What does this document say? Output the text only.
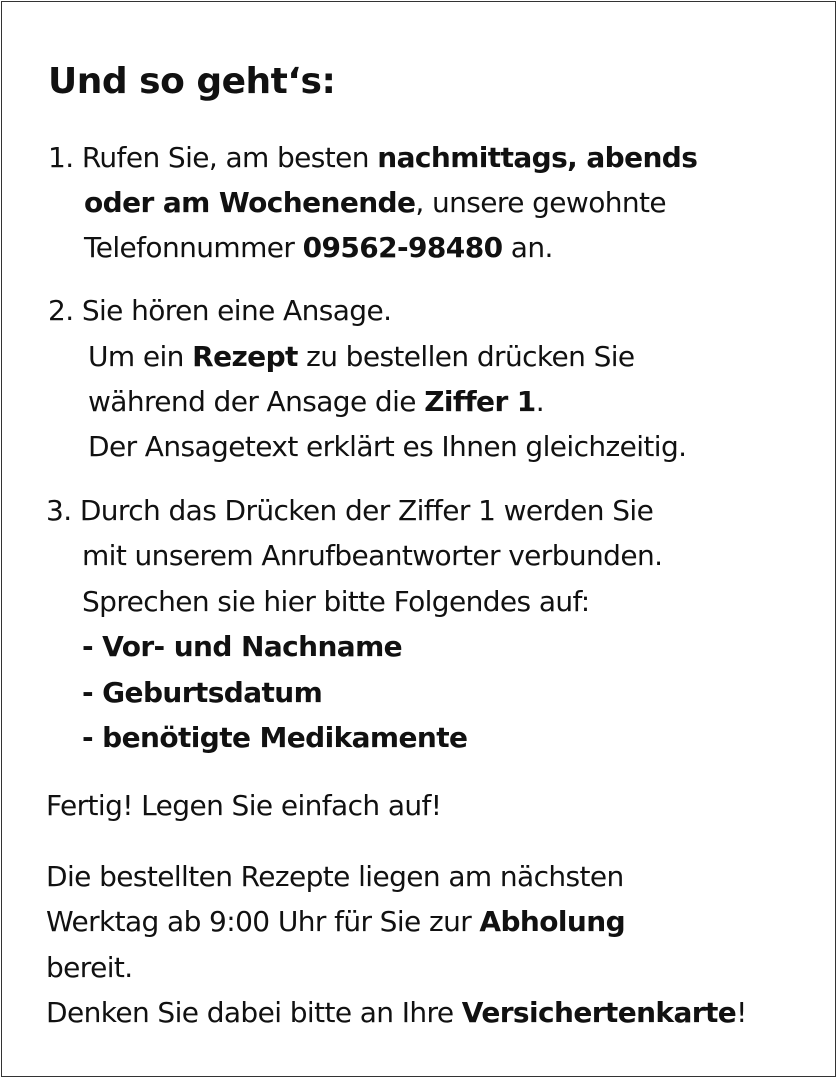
Und so geht‘s:

1. Rufen Sie, am besten nachmittags, abends

oder am Wochenende, unsere gewohnte

Telefonnummer 09562-98480 an.

2. Sie hören eine Ansage.

Um ein Rezept zu bestellen drücken Sie

während der Ansage die Ziffer 1.

Der Ansagetext erklärt es Ihnen gleichzeitig.

3. Durch das Drücken der Ziffer 1 werden Sie

mit unserem Anrufbeantworter verbunden.

Sprechen sie hier bitte Folgendes auf:

- Vor- und Nachname

- Geburtsdatum

- benötigte Medikamente

Fertig! Legen Sie einfach auf!

Die bestellten Rezepte liegen am nächsten

Werktag ab 9:00 Uhr für Sie zur Abholung

bereit.

Denken Sie dabei bitte an Ihre Versichertenkarte!
